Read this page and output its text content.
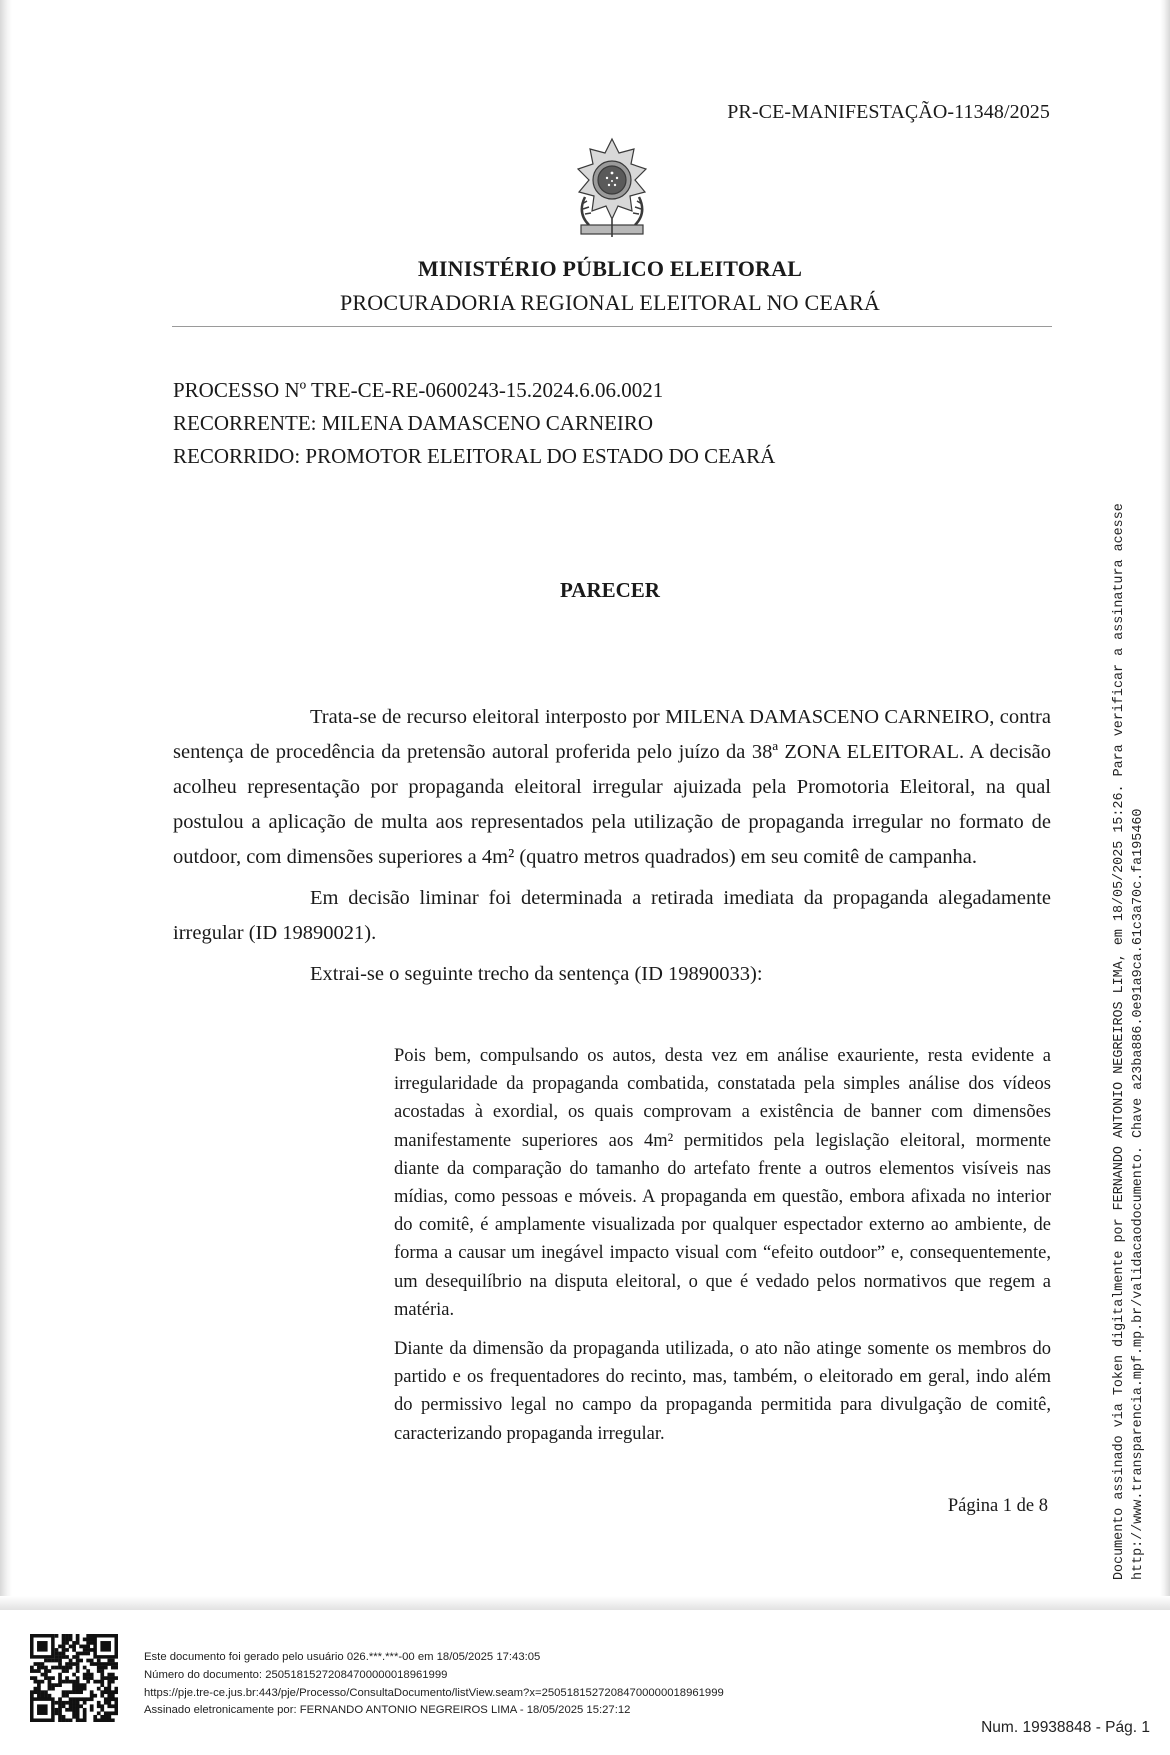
PR-CE-MANIFESTAÇÃO-11348/2025
MINISTÉRIO PÚBLICO ELEITORAL
PROCURADORIA REGIONAL ELEITORAL NO CEARÁ
PROCESSO Nº TRE-CE-RE-0600243-15.2024.6.06.0021
RECORRENTE: MILENA DAMASCENO CARNEIRO
RECORRIDO: PROMOTOR ELEITORAL DO ESTADO DO CEARÁ
PARECER

Trata-se de recurso eleitoral interposto por MILENA DAMASCENO CARNEIRO, contra sentença de procedência da pretensão autoral proferida pelo juízo da 38ª ZONA ELEITORAL. A decisão acolheu representação por propaganda eleitoral irregular ajuizada pela Promotoria Eleitoral, na qual postulou a aplicação de multa aos representados pela utilização de propaganda irregular no formato de outdoor, com dimensões superiores a 4m² (quatro metros quadrados) em seu comitê de campanha.

Em decisão liminar foi determinada a retirada imediata da propaganda alegadamente irregular (ID 19890021).

Extrai-se o seguinte trecho da sentença (ID 19890033):

Pois bem, compulsando os autos, desta vez em análise exauriente, resta evidente a irregularidade da propaganda combatida, constatada pela simples análise dos vídeos acostadas à exordial, os quais comprovam a existência de banner com dimensões manifestamente superiores aos 4m² permitidos pela legislação eleitoral, mormente diante da comparação do tamanho do artefato frente a outros elementos visíveis nas mídias, como pessoas e móveis. A propaganda em questão, embora afixada no interior do comitê, é amplamente visualizada por qualquer espectador externo ao ambiente, de forma a causar um inegável impacto visual com “efeito outdoor” e, consequentemente, um desequilíbrio na disputa eleitoral, o que é vedado pelos normativos que regem a matéria.

Diante da dimensão da propaganda utilizada, o ato não atinge somente os membros do partido e os frequentadores do recinto, mas, também, o eleitorado em geral, indo além do permissivo legal no campo da propaganda permitida para divulgação de comitê, caracterizando propaganda irregular.

Página 1 de 8	Documento assinado via Token digitalmente por FERNANDO ANTONIO NEGREIROS LIMA, em 18/05/2025 15:26. Para verificar a assinatura acesse http://www.transparencia.mpf.mp.br/validacaodocumento. Chave a23ba886.0e91a9ca.61c3a70c.fa195460
Este documento foi gerado pelo usuário 026.***.***-00 em 18/05/2025 17:43:05
Número do documento: 25051815272084700000018961999
https://pje.tre-ce.jus.br:443/pje/Processo/ConsultaDocumento/listView.seam?x=25051815272084700000018961999
Assinado eletronicamente por: FERNANDO ANTONIO NEGREIROS LIMA - 18/05/2025 15:27:12
Num. 19938848 - Pág. 1
